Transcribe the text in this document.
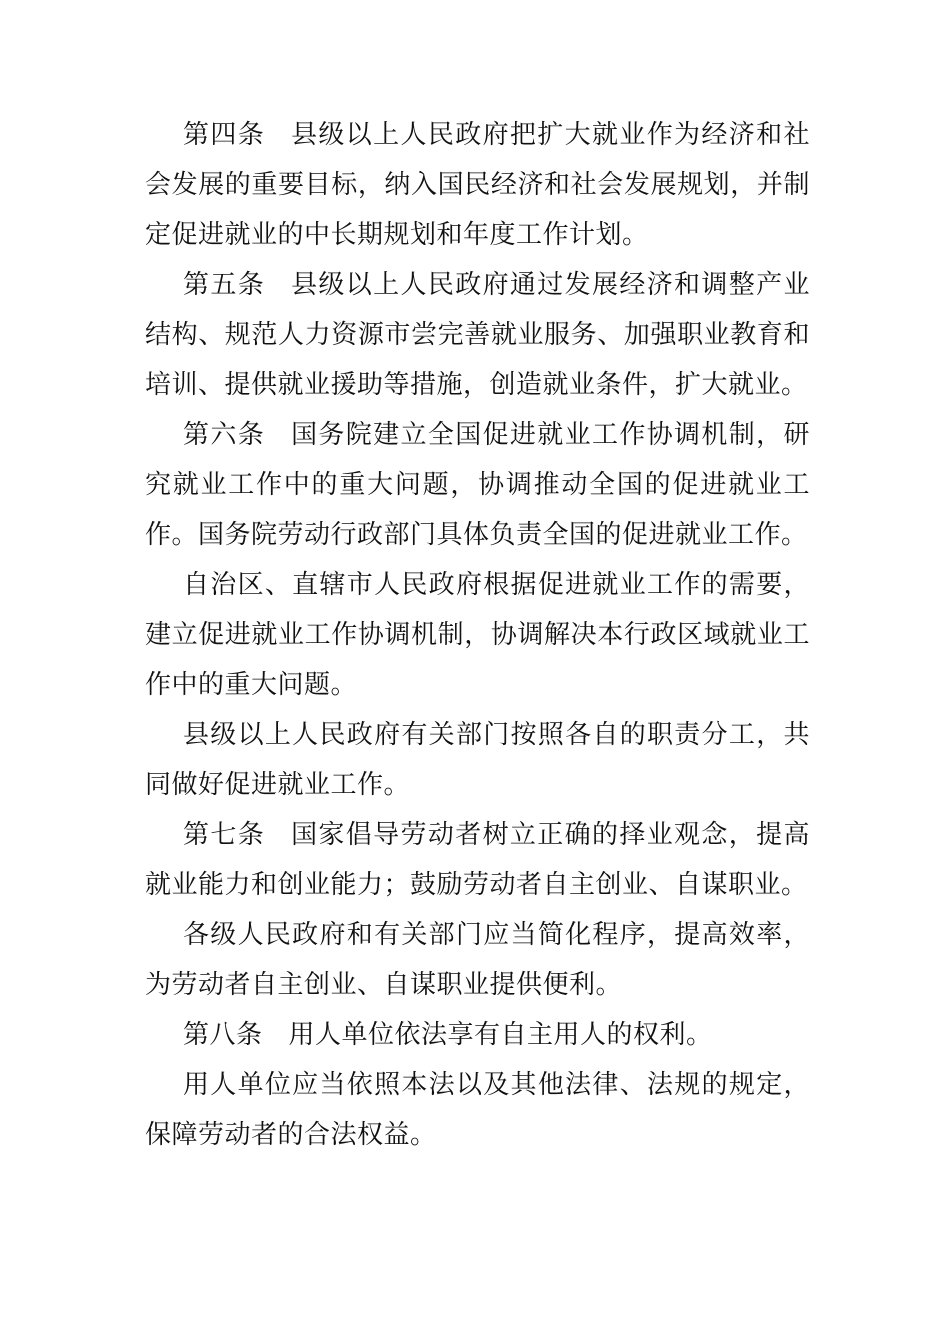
第四条 县级以上人民政府把扩大就业作为经济和社会发展的重要目标，纳入国民经济和社会发展规划，并制定促进就业的中长期规划和年度工作计划。

第五条 县级以上人民政府通过发展经济和调整产业结构、规范人力资源市尝完善就业服务、加强职业教育和培训、提供就业援助等措施，创造就业条件，扩大就业。

第六条 国务院建立全国促进就业工作协调机制，研究就业工作中的重大问题，协调推动全国的促进就业工作。国务院劳动行政部门具体负责全国的促进就业工作。

自治区、直辖市人民政府根据促进就业工作的需要，建立促进就业工作协调机制，协调解决本行政区域就业工作中的重大问题。

县级以上人民政府有关部门按照各自的职责分工，共同做好促进就业工作。

第七条 国家倡导劳动者树立正确的择业观念，提高就业能力和创业能力；鼓励劳动者自主创业、自谋职业。

各级人民政府和有关部门应当简化程序，提高效率，为劳动者自主创业、自谋职业提供便利。

第八条 用人单位依法享有自主用人的权利。

用人单位应当依照本法以及其他法律、法规的规定，保障劳动者的合法权益。
